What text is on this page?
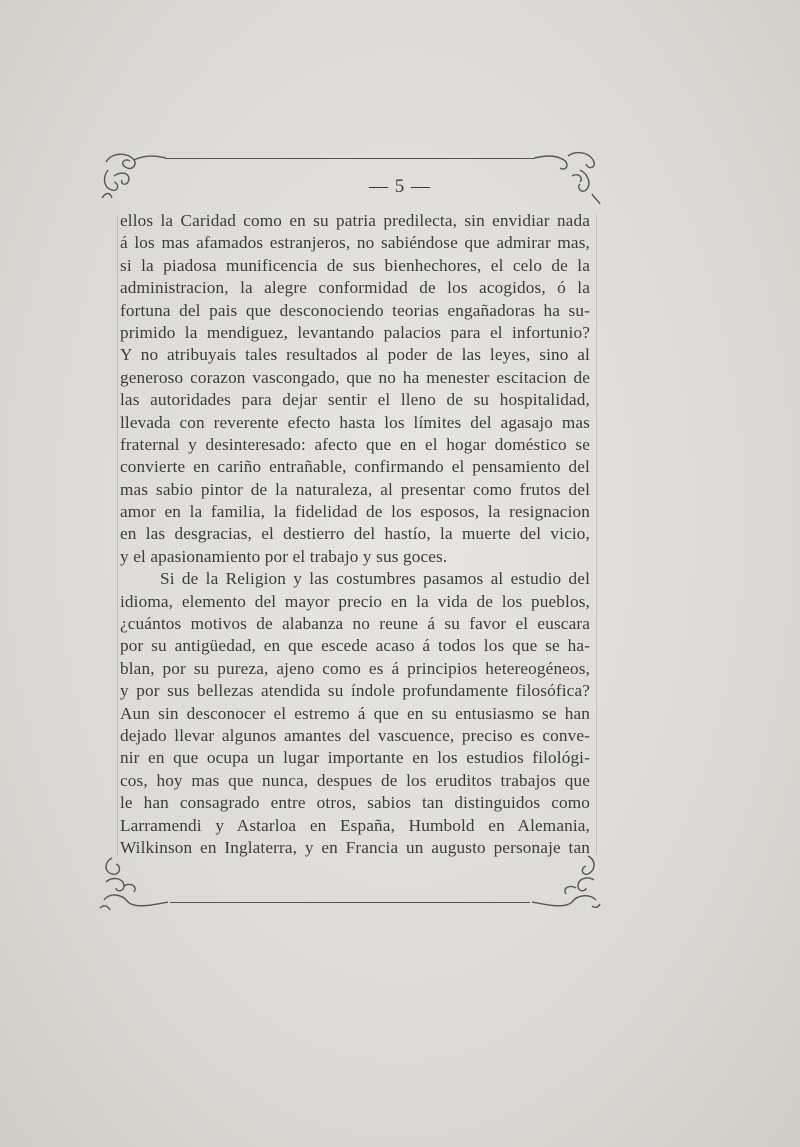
— 5 —
ellos la Caridad como en su patria predilecta, sin envidiar nada
á los mas afamados estranjeros, no sabiéndose que admirar mas,
si la piadosa munificencia de sus bienhechores, el celo de la
administracion, la alegre conformidad de los acogidos, ó la
fortuna del pais que desconociendo teorias engañadoras ha su-
primido la mendiguez, levantando palacios para el infortunio?
Y no atribuyais tales resultados al poder de las leyes, sino al
generoso corazon vascongado, que no ha menester escitacion de
las autoridades para dejar sentir el lleno de su hospitalidad,
llevada con reverente efecto hasta los límites del agasajo mas
fraternal y desinteresado: afecto que en el hogar doméstico se
convierte en cariño entrañable, confirmando el pensamiento del
mas sabio pintor de la naturaleza, al presentar como frutos del
amor en la familia, la fidelidad de los esposos, la resignacion
en las desgracias, el destierro del hastío, la muerte del vicio,
y el apasionamiento por el trabajo y sus goces.
Si de la Religion y las costumbres pasamos al estudio del
idioma, elemento del mayor precio en la vida de los pueblos,
¿cuántos motivos de alabanza no reune á su favor el euscara
por su antigüedad, en que escede acaso á todos los que se ha-
blan, por su pureza, ajeno como es á principios hetereogéneos,
y por sus bellezas atendida su índole profundamente filosófica?
Aun sin desconocer el estremo á que en su entusiasmo se han
dejado llevar algunos amantes del vascuence, preciso es conve-
nir en que ocupa un lugar importante en los estudios filológi-
cos, hoy mas que nunca, despues de los eruditos trabajos que
le han consagrado entre otros, sabios tan distinguidos como
Larramendi y Astarloa en España, Humbold en Alemania,
Wilkinson en Inglaterra, y en Francia un augusto personaje tan
